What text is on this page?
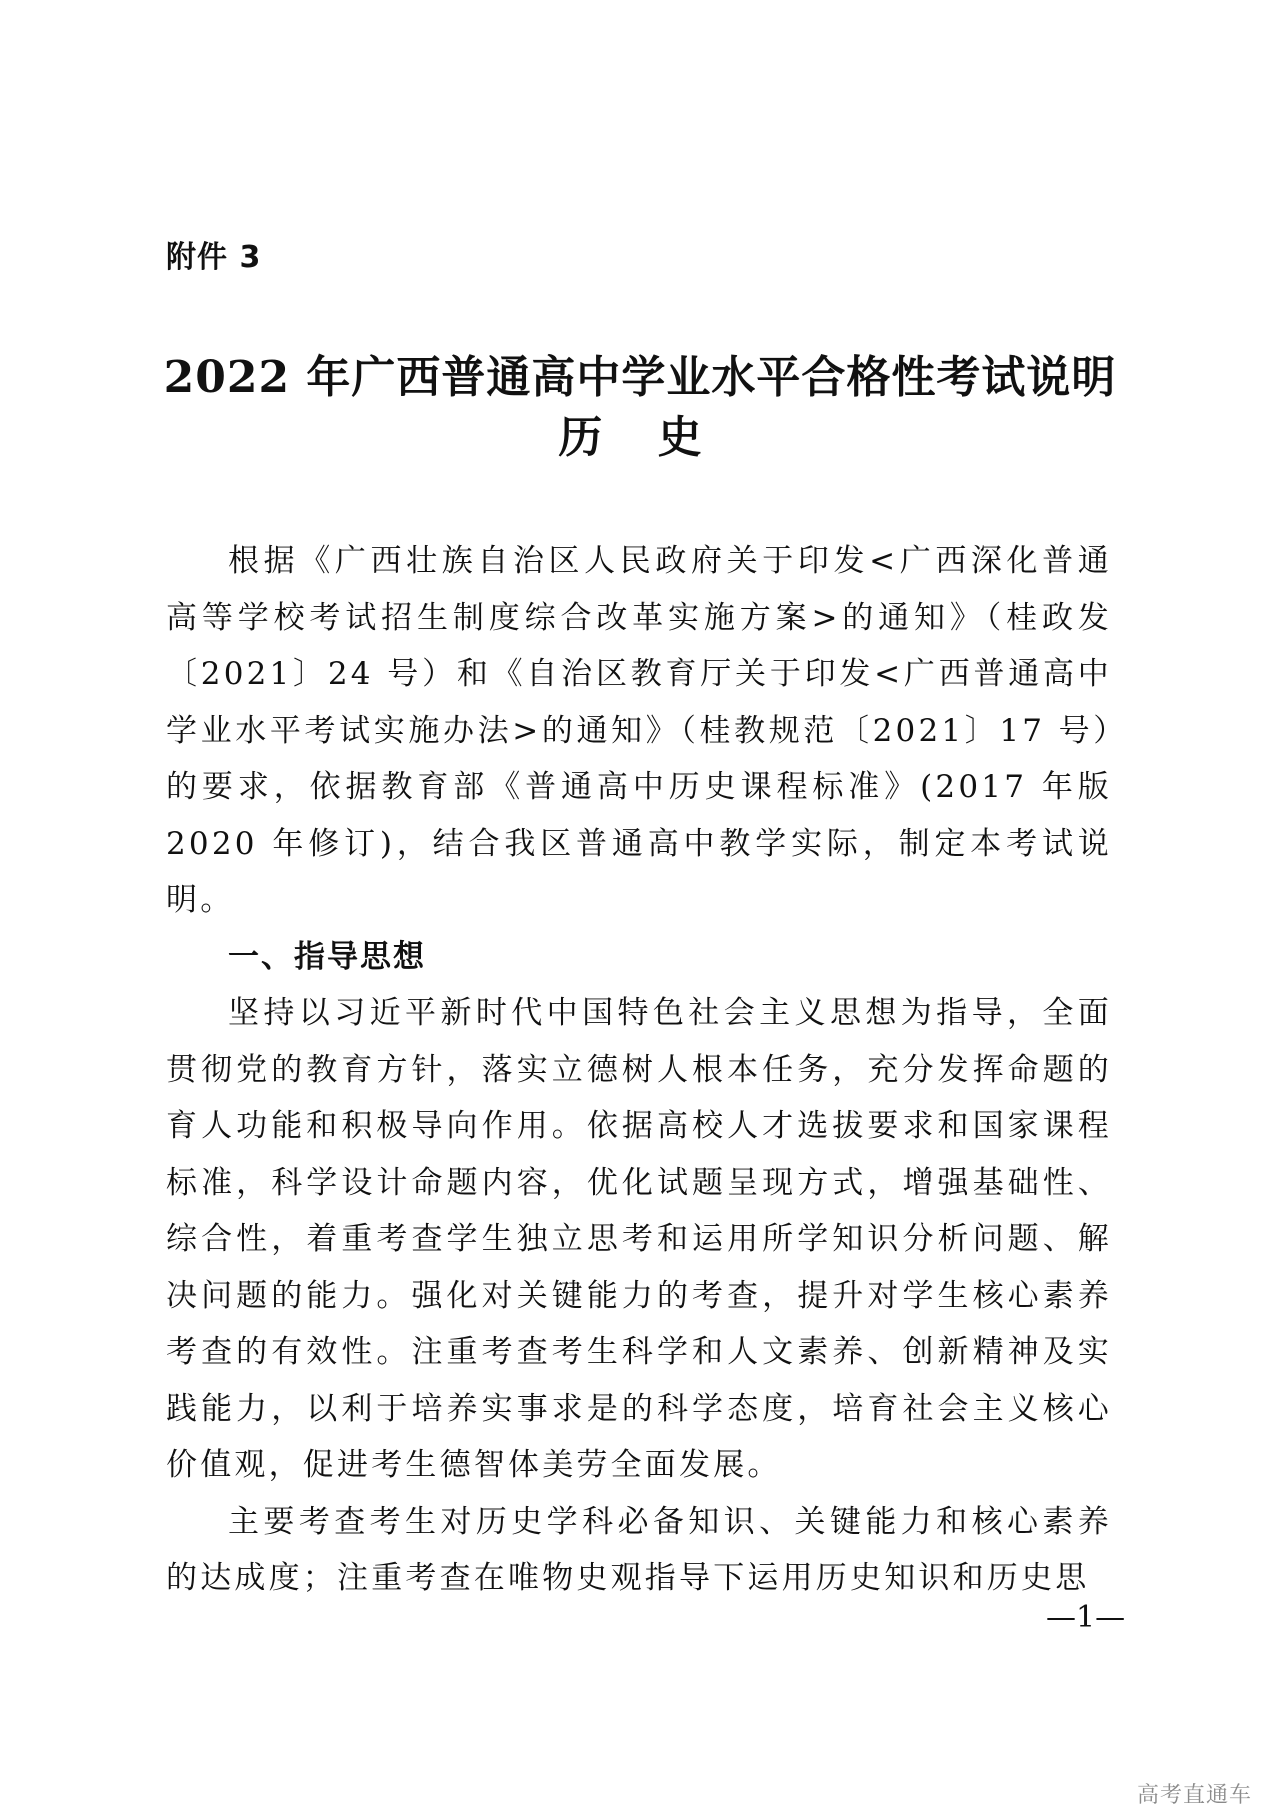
附件 3
2022 年广西普通高中学业水平合格性考试说明
历 史

根据《广西壮族自治区人民政府关于印发<广西深化普通高等学校考试招生制度综合改革实施方案>的通知》（桂政发〔2021〕24 号）和《自治区教育厅关于印发<广西普通高中学业水平考试实施办法>的通知》（桂教规范〔2021〕17 号）的要求，依据教育部《普通高中历史课程标准》(2017 年版 2020 年修订)，结合我区普通高中教学实际，制定本考试说明。

一、指导思想

坚持以习近平新时代中国特色社会主义思想为指导，全面贯彻党的教育方针，落实立德树人根本任务，充分发挥命题的育人功能和积极导向作用。依据高校人才选拔要求和国家课程标准，科学设计命题内容，优化试题呈现方式，增强基础性、综合性，着重考查学生独立思考和运用所学知识分析问题、解决问题的能力。强化对关键能力的考查，提升对学生核心素养考查的有效性。注重考查考生科学和人文素养、创新精神及实践能力，以利于培养实事求是的科学态度，培育社会主义核心价值观，促进考生德智体美劳全面发展。

主要考查考生对历史学科必备知识、关键能力和核心素养的达成度；注重考查在唯物史观指导下运用历史知识和历史思

—1—
高考直通车
